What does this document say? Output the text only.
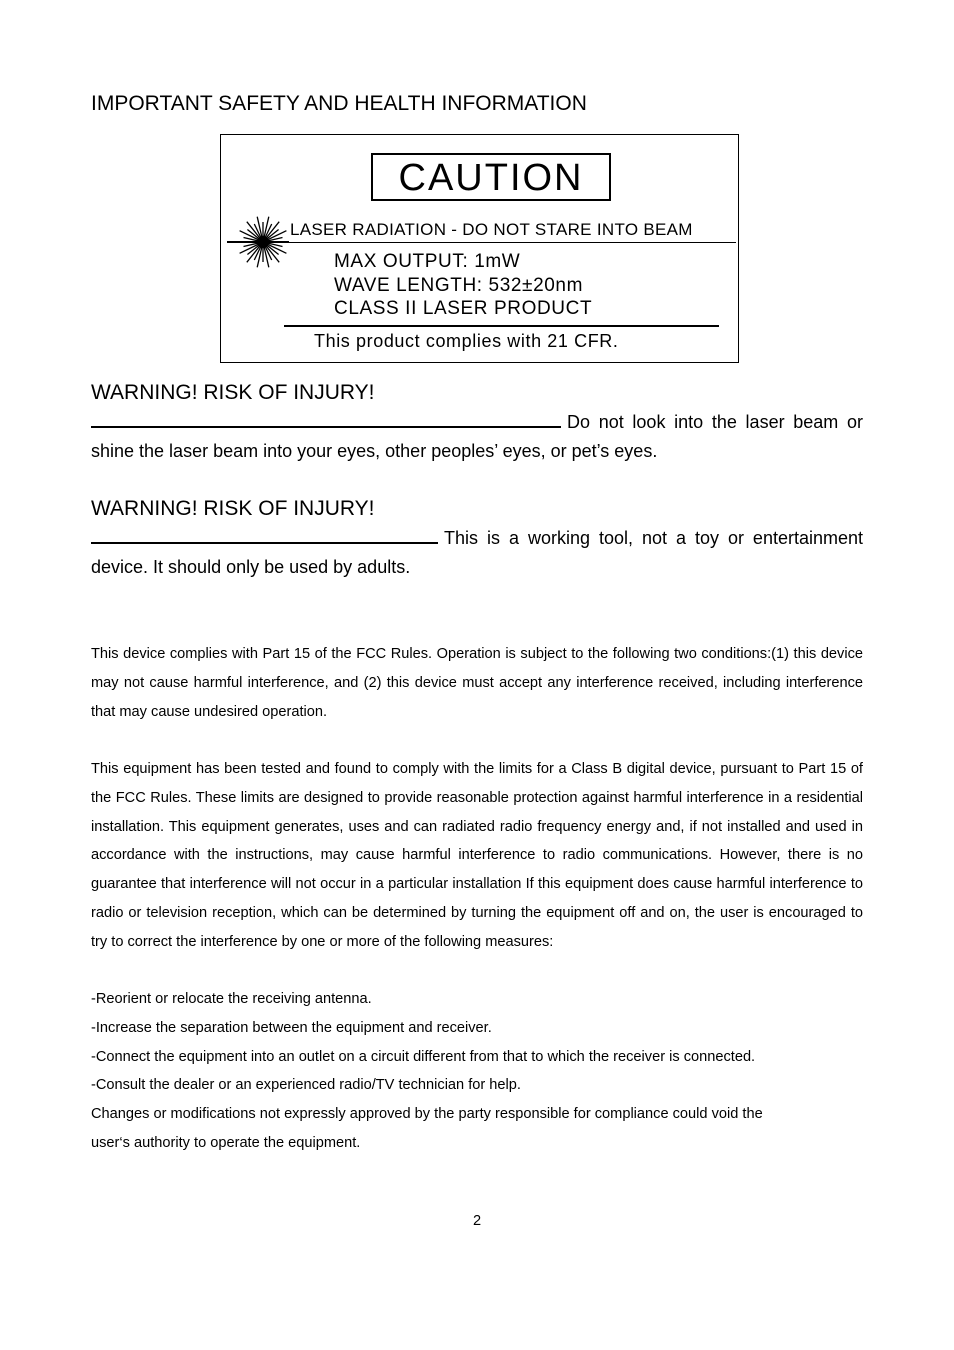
IMPORTANT SAFETY AND HEALTH INFORMATION
CAUTION
LASER RADIATION - DO NOT STARE INTO BEAM
MAX OUTPUT: 1mW
WAVE LENGTH: 532±20nm
CLASS II LASER PRODUCT
This product complies with 21 CFR.
WARNING! RISK OF INJURY!
Do not look into the laser beam or shine the laser beam into your eyes, other peoples’ eyes, or pet’s eyes.
WARNING! RISK OF INJURY!
This is a working tool, not a toy or entertainment device. It should only be used by adults.

This device complies with Part 15 of the FCC Rules. Operation is subject to the following two conditions:(1) this device may not cause harmful interference, and (2) this device must accept any interference received, including interference that may cause undesired operation.

This equipment has been tested and found to comply with the limits for a Class B digital device, pursuant to Part 15 of the FCC Rules. These limits are designed to provide reasonable protection against harmful interference in a residential installation. This equipment generates, uses and can radiated radio frequency energy and, if not installed and used in accordance with the instructions, may cause harmful interference to radio communications. However, there is no guarantee that interference will not occur in a particular installation If this equipment does cause harmful interference to radio or television reception, which can be determined by turning the equipment off and on, the user is encouraged to try to correct the interference by one or more of the following measures:

-Reorient or relocate the receiving antenna.
-Increase the separation between the equipment and receiver.
-Connect the equipment into an outlet on a circuit different from that to which the receiver is connected.
-Consult the dealer or an experienced radio/TV technician for help.
Changes or modifications not expressly approved by the party responsible for compliance could void the
user‘s authority to operate the equipment.
2
